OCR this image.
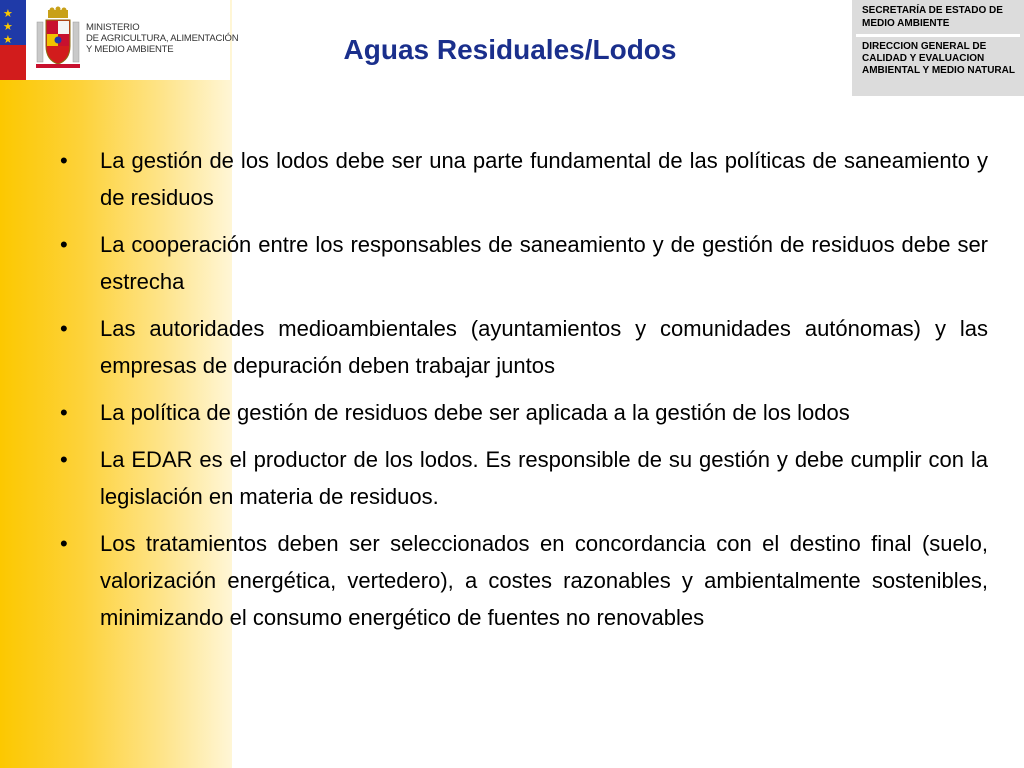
★
★
★
MINISTERIO
DE AGRICULTURA, ALIMENTACIÓN
Y MEDIO AMBIENTE
SECRETARÍA DE ESTADO DE MEDIO AMBIENTE
DIRECCION GENERAL DE CALIDAD Y EVALUACION AMBIENTAL Y MEDIO NATURAL
Aguas Residuales/Lodos
• La gestión de los lodos debe ser una parte fundamental de las políticas de saneamiento y de residuos
• La cooperación entre los responsables de saneamiento y de gestión de residuos debe ser estrecha
• Las autoridades medioambientales (ayuntamientos y comunidades autónomas) y las empresas de depuración deben trabajar juntos
• La política de gestión de residuos debe ser aplicada a la gestión de los lodos
• La EDAR es el productor de los lodos. Es responsible de su gestión y debe cumplir con la legislación en materia de residuos.
• Los tratamientos deben ser seleccionados en concordancia con el destino final (suelo, valorización energética, vertedero), a costes razonables y ambientalmente sostenibles, minimizando el consumo energético de fuentes no renovables
